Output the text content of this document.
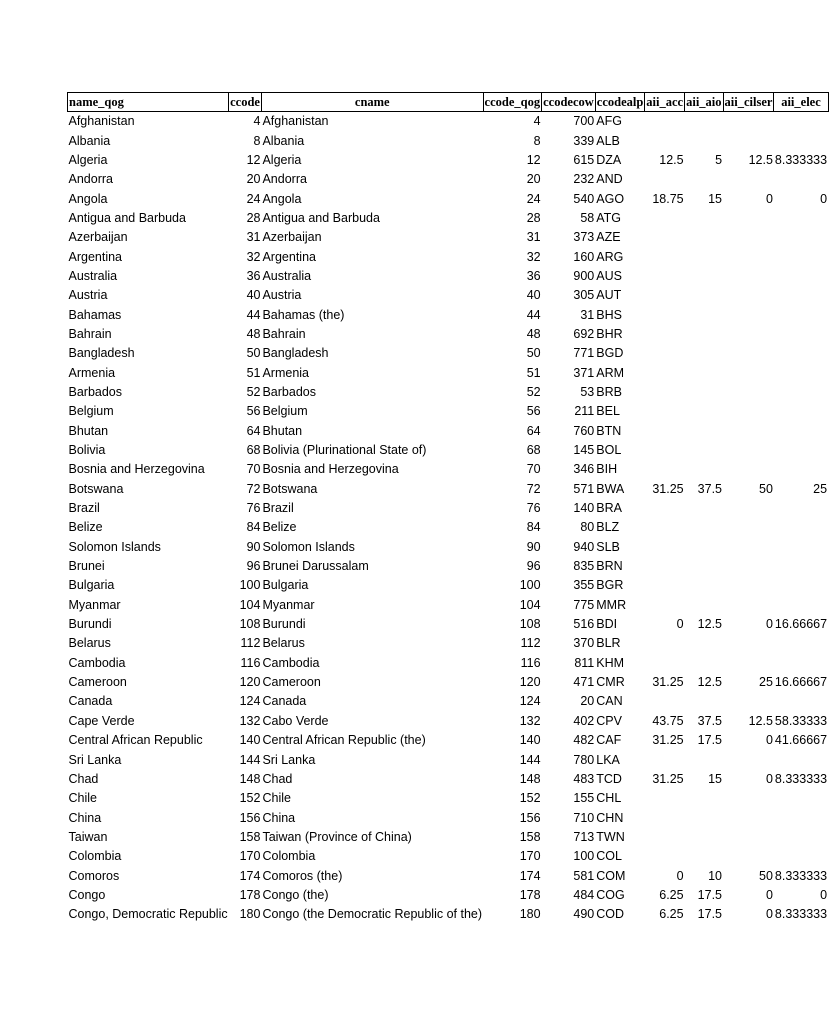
name_qog	ccode	cname	ccode_qog	ccodecow	ccodealp	aii_acc	aii_aio	aii_cilser	aii_elec
Afghanistan	4	Afghanistan	4	700	AFG				
Albania	8	Albania	8	339	ALB				
Algeria	12	Algeria	12	615	DZA	12.5	5	12.5	8.333333
Andorra	20	Andorra	20	232	AND				
Angola	24	Angola	24	540	AGO	18.75	15	0	0
Antigua and Barbuda	28	Antigua and Barbuda	28	58	ATG				
Azerbaijan	31	Azerbaijan	31	373	AZE				
Argentina	32	Argentina	32	160	ARG				
Australia	36	Australia	36	900	AUS				
Austria	40	Austria	40	305	AUT				
Bahamas	44	Bahamas (the)	44	31	BHS				
Bahrain	48	Bahrain	48	692	BHR				
Bangladesh	50	Bangladesh	50	771	BGD				
Armenia	51	Armenia	51	371	ARM				
Barbados	52	Barbados	52	53	BRB				
Belgium	56	Belgium	56	211	BEL				
Bhutan	64	Bhutan	64	760	BTN				
Bolivia	68	Bolivia (Plurinational State of)	68	145	BOL				
Bosnia and Herzegovina	70	Bosnia and Herzegovina	70	346	BIH				
Botswana	72	Botswana	72	571	BWA	31.25	37.5	50	25
Brazil	76	Brazil	76	140	BRA				
Belize	84	Belize	84	80	BLZ				
Solomon Islands	90	Solomon Islands	90	940	SLB				
Brunei	96	Brunei Darussalam	96	835	BRN				
Bulgaria	100	Bulgaria	100	355	BGR				
Myanmar	104	Myanmar	104	775	MMR				
Burundi	108	Burundi	108	516	BDI	0	12.5	0	16.66667
Belarus	112	Belarus	112	370	BLR				
Cambodia	116	Cambodia	116	811	KHM				
Cameroon	120	Cameroon	120	471	CMR	31.25	12.5	25	16.66667
Canada	124	Canada	124	20	CAN				
Cape Verde	132	Cabo Verde	132	402	CPV	43.75	37.5	12.5	58.33333
Central African Republic	140	Central African Republic (the)	140	482	CAF	31.25	17.5	0	41.66667
Sri Lanka	144	Sri Lanka	144	780	LKA				
Chad	148	Chad	148	483	TCD	31.25	15	0	8.333333
Chile	152	Chile	152	155	CHL				
China	156	China	156	710	CHN				
Taiwan	158	Taiwan (Province of China)	158	713	TWN				
Colombia	170	Colombia	170	100	COL				
Comoros	174	Comoros (the)	174	581	COM	0	10	50	8.333333
Congo	178	Congo (the)	178	484	COG	6.25	17.5	0	0
Congo, Democratic Republic	180	Congo (the Democratic Republic of the)	180	490	COD	6.25	17.5	0	8.333333
